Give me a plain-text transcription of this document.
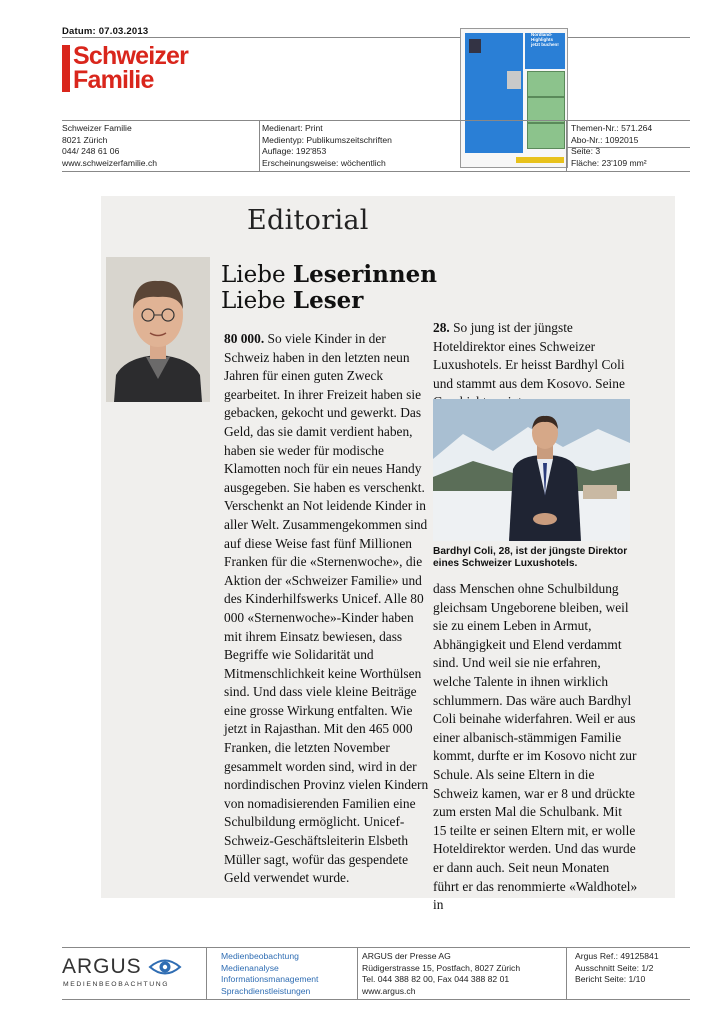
Datum: 07.03.2013
Schweizer
Familie
Nordland-
Highlights
jetzt buchen!
Schweizer Familie
8021 Zürich
044/ 248 61 06
www.schweizerfamilie.ch
Medienart: Print
Medientyp: Publikumszeitschriften
Auflage: 192'853
Erscheinungsweise: wöchentlich
Themen-Nr.: 571.264
Abo-Nr.: 1092015
Seite: 3
Fläche: 23'109 mm²
Editorial
Liebe Leserinnen
Liebe Leser

80 000. So viele Kinder in der Schweiz haben in den letzten neun Jahren für einen guten Zweck gearbeitet. In ihrer Freizeit haben sie gebacken, gekocht und gewerkt. Das Geld, das sie damit verdient haben, haben sie weder für modische Klamotten noch für ein neues Handy ausgegeben. Sie haben es verschenkt. Verschenkt an Not leidende Kinder in aller Welt. Zusammengekommen sind auf diese Weise fast fünf Millionen Franken für die «Sternenwoche», die Aktion der «Schweizer Familie» und des Kinderhilfswerks Unicef. Alle 80 000 «Sternenwoche»-Kinder haben mit ihrem Einsatz bewiesen, dass Begriffe wie Solidarität und Mitmenschlichkeit keine Worthülsen sind. Und dass viele kleine Beiträge eine grosse Wirkung entfalten. Wie jetzt in Rajasthan. Mit den 465 000 Franken, die letzten November gesammelt worden sind, wird in der nordindischen Provinz vielen Kindern von nomadisierenden Familien eine Schulbildung ermöglicht. Unicef-Schweiz-Geschäftsleiterin Elsbeth Müller sagt, wofür das gespendete Geld verwendet wurde.

28. So jung ist der jüngste Hoteldirektor eines Schweizer Luxushotels. Er heisst Bardhyl Coli und stammt aus dem Kosovo. Seine

Bardhyl Coli, 28, ist der jüngste Direktor eines Schweizer Luxushotels.

dass Menschen ohne Schulbildung gleichsam Ungeborene bleiben, weil sie zu einem Leben in Armut, Abhängigkeit und Elend verdammt sind. Und weil sie nie erfahren, welche Talente in ihnen wirklich schlummern. Das wäre auch Bardhyl Coli beinahe widerfahren. Weil er aus einer albanisch-stämmigen Familie kommt, durfte er im Kosovo nicht zur Schule. Als seine Eltern in die Schweiz kamen, war er 8 und drückte zum ersten Mal die Schulbank. Mit 15 teilte er seinen Eltern mit, er wolle Hoteldirektor werden. Und das wurde er dann auch. Seit neun Monaten führt er das renommierte «Waldhotel» in

ARGUS
MEDIENBEOBACHTUNG
Medienbeobachtung
Medienanalyse
Informationsmanagement
Sprachdienstleistungen
ARGUS der Presse AG
Rüdigerstrasse 15, Postfach, 8027 Zürich
Tel. 044 388 82 00, Fax 044 388 82 01
www.argus.ch
Argus Ref.: 49125841
Ausschnitt Seite: 1/2
Bericht Seite: 1/10
